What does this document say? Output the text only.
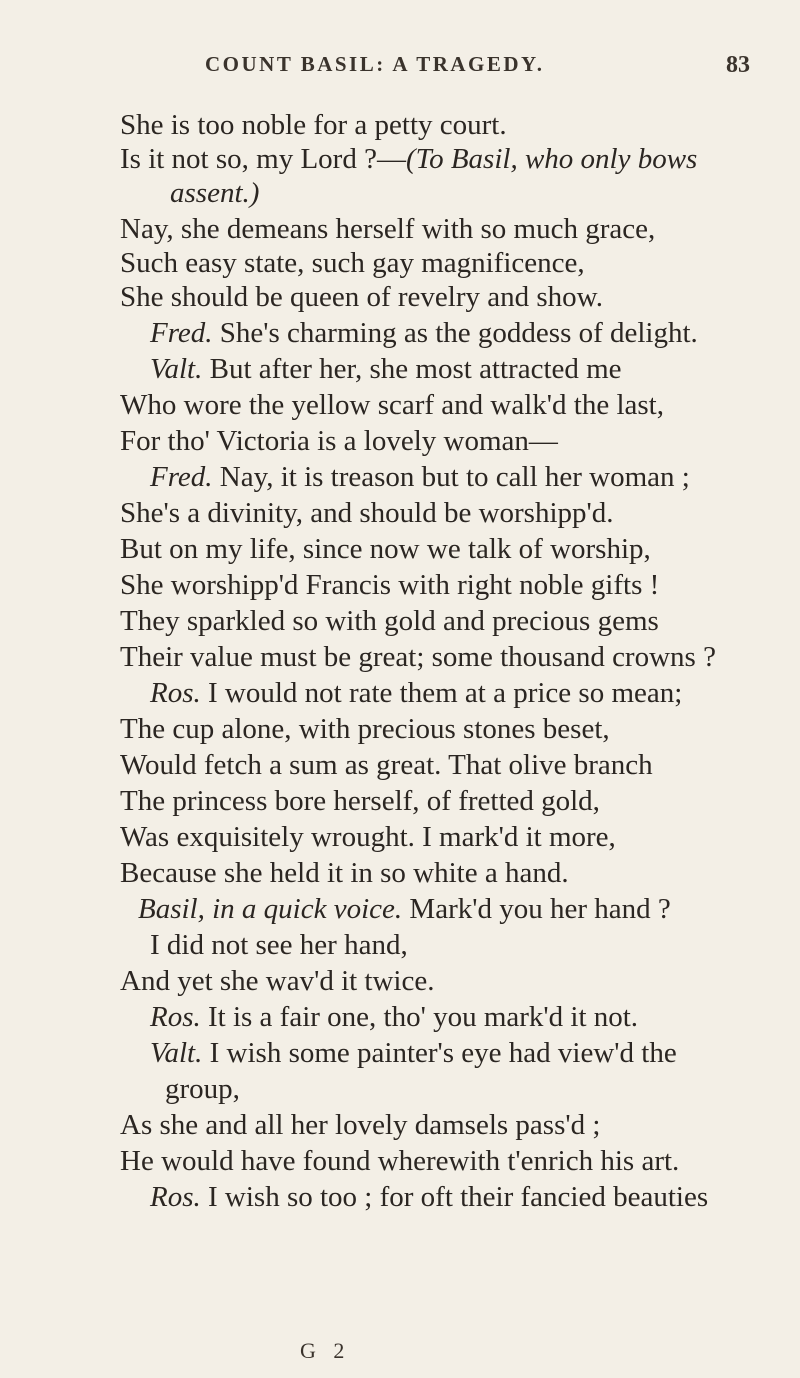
COUNT BASIL: A TRAGEDY.	83
She is too noble for a petty court.
Is it not so, my Lord ?—(To Basil, who only bows
assent.)
Nay, she demeans herself with so much grace,
Such easy state, such gay magnificence,
She should be queen of revelry and show.
Fred. She's charming as the goddess of delight.
Valt. But after her, she most attracted me
Who wore the yellow scarf and walk'd the last,
For tho' Victoria is a lovely woman—
Fred. Nay, it is treason but to call her woman ;
She's a divinity, and should be worshipp'd.
But on my life, since now we talk of worship,
She worshipp'd Francis with right noble gifts !
They sparkled so with gold and precious gems
Their value must be great; some thousand crowns ?
Ros. I would not rate them at a price so mean;
The cup alone, with precious stones beset,
Would fetch a sum as great. That olive branch
The princess bore herself, of fretted gold,
Was exquisitely wrought. I mark'd it more,
Because she held it in so white a hand.
Basil, in a quick voice. Mark'd you her hand ?
I did not see her hand,
And yet she wav'd it twice.
Ros. It is a fair one, tho' you mark'd it not.
Valt. I wish some painter's eye had view'd the
group,
As she and all her lovely damsels pass'd ;
He would have found wherewith t'enrich his art.
Ros. I wish so too ; for oft their fancied beauties
G 2
